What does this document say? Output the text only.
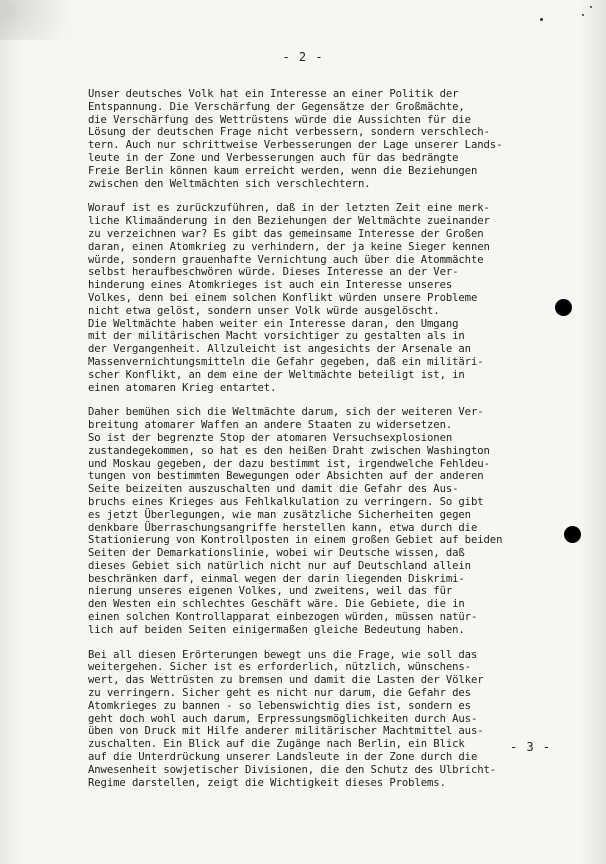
- 2 -
Unser deutsches Volk hat ein Interesse an einer Politik der
Entspannung. Die Verschärfung der Gegensätze der Großmächte,
die Verschärfung des Wettrüstens würde die Aussichten für die
Lösung der deutschen Frage nicht verbessern, sondern verschlech-
tern. Auch nur schrittweise Verbesserungen der Lage unserer Lands-
leute in der Zone und Verbesserungen auch für das bedrängte
Freie Berlin können kaum erreicht werden, wenn die Beziehungen
zwischen den Weltmächten sich verschlechtern.
Worauf ist es zurückzuführen, daß in der letzten Zeit eine merk-
liche Klimaänderung in den Beziehungen der Weltmächte zueinander
zu verzeichnen war? Es gibt das gemeinsame Interesse der Großen
daran, einen Atomkrieg zu verhindern, der ja keine Sieger kennen
würde, sondern grauenhafte Vernichtung auch über die Atommächte
selbst heraufbeschwören würde. Dieses Interesse an der Ver-
hinderung eines Atomkrieges ist auch ein Interesse unseres
Volkes, denn bei einem solchen Konflikt würden unsere Probleme
nicht etwa gelöst, sondern unser Volk würde ausgelöscht.
Die Weltmächte haben weiter ein Interesse daran, den Umgang
mit der militärischen Macht vorsichtiger zu gestalten als in
der Vergangenheit. Allzuleicht ist angesichts der Arsenale an
Massenvernichtungsmitteln die Gefahr gegeben, daß ein militäri-
scher Konflikt, an dem eine der Weltmächte beteiligt ist, in
einen atomaren Krieg entartet.
Daher bemühen sich die Weltmächte darum, sich der weiteren Ver-
breitung atomarer Waffen an andere Staaten zu widersetzen.
So ist der begrenzte Stop der atomaren Versuchsexplosionen
zustandegekommen, so hat es den heißen Draht zwischen Washington
und Moskau gegeben, der dazu bestimmt ist, irgendwelche Fehldeu-
tungen von bestimmten Bewegungen oder Absichten auf der anderen
Seite beizeiten auszuschalten und damit die Gefahr des Aus-
bruchs eines Krieges aus Fehlkalkulation zu verringern. So gibt
es jetzt Überlegungen, wie man zusätzliche Sicherheiten gegen
denkbare Überraschungsangriffe herstellen kann, etwa durch die
Stationierung von Kontrollposten in einem großen Gebiet auf beiden
Seiten der Demarkationslinie, wobei wir Deutsche wissen, daß
dieses Gebiet sich natürlich nicht nur auf Deutschland allein
beschränken darf, einmal wegen der darin liegenden Diskrimi-
nierung unseres eigenen Volkes, und zweitens, weil das für
den Westen ein schlechtes Geschäft wäre. Die Gebiete, die in
einen solchen Kontrollapparat einbezogen würden, müssen natür-
lich auf beiden Seiten einigermaßen gleiche Bedeutung haben.
Bei all diesen Erörterungen bewegt uns die Frage, wie soll das
weitergehen. Sicher ist es erforderlich, nützlich, wünschens-
wert, das Wettrüsten zu bremsen und damit die Lasten der Völker
zu verringern. Sicher geht es nicht nur darum, die Gefahr des
Atomkrieges zu bannen - so lebenswichtig dies ist, sondern es
geht doch wohl auch darum, Erpressungsmöglichkeiten durch Aus-
üben von Druck mit Hilfe anderer militärischer Machtmittel aus-
zuschalten. Ein Blick auf die Zugänge nach Berlin, ein Blick
auf die Unterdrückung unserer Landsleute in der Zone durch die
Anwesenheit sowjetischer Divisionen, die den Schutz des Ulbricht-
Regime darstellen, zeigt die Wichtigkeit dieses Problems.
- 3 -
